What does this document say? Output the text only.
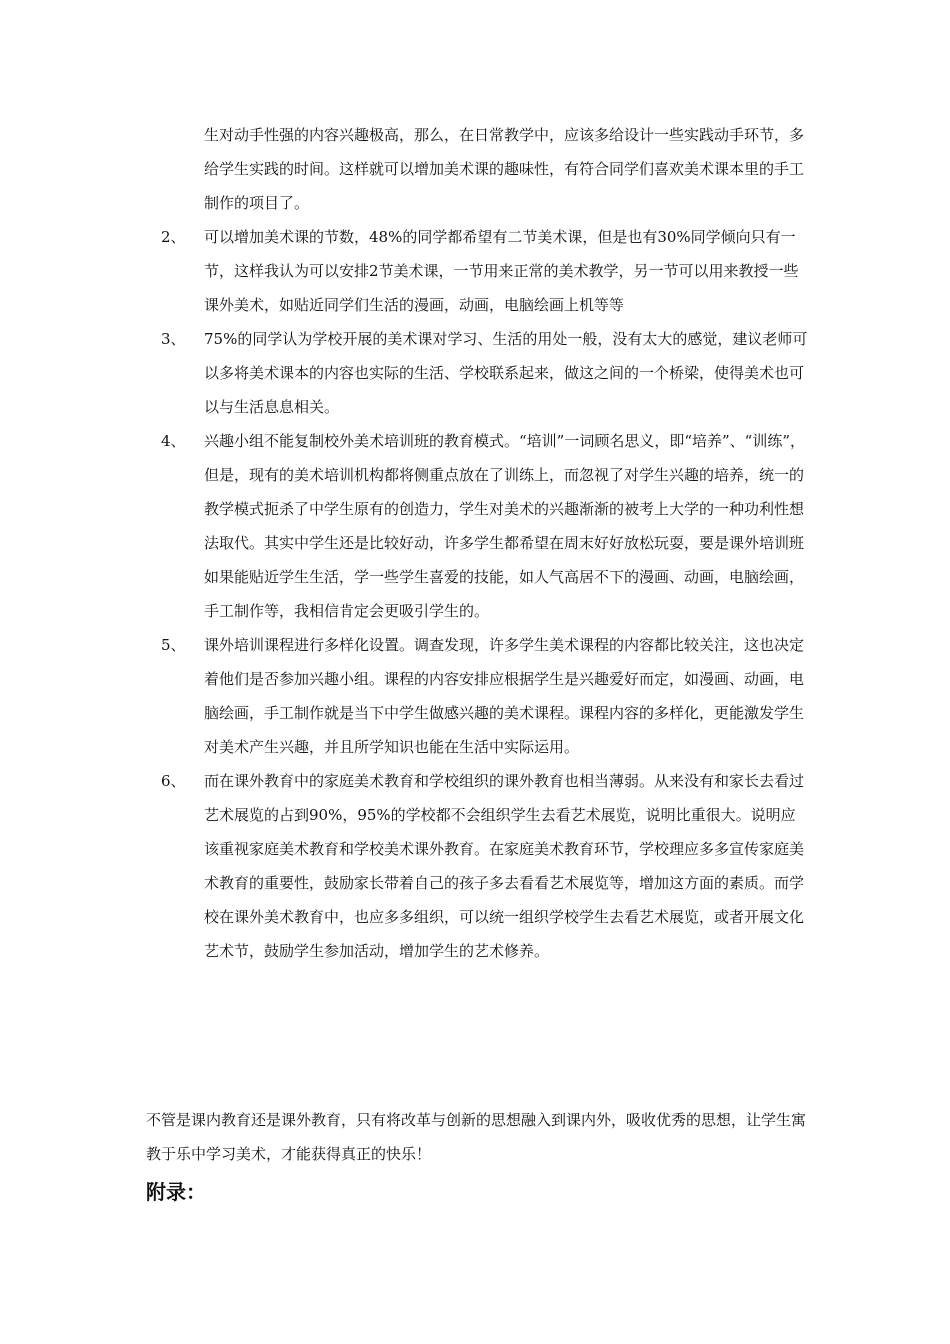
生对动手性强的内容兴趣极高，那么，在日常教学中，应该多给设计一些实践动手环节，多给学生实践的时间。这样就可以增加美术课的趣味性，有符合同学们喜欢美术课本里的手工制作的项目了。

2、 可以增加美术课的节数，48%的同学都希望有二节美术课，但是也有30%同学倾向只有一节，这样我认为可以安排2节美术课，一节用来正常的美术教学，另一节可以用来教授一些课外美术，如贴近同学们生活的漫画，动画，电脑绘画上机等等

3、 75%的同学认为学校开展的美术课对学习、生活的用处一般，没有太大的感觉，建议老师可以多将美术课本的内容也实际的生活、学校联系起来，做这之间的一个桥梁，使得美术也可以与生活息息相关。

4、 兴趣小组不能复制校外美术培训班的教育模式。“培训”一词顾名思义，即“培养”、“训练”，但是，现有的美术培训机构都将侧重点放在了训练上，而忽视了对学生兴趣的培养，统一的教学模式扼杀了中学生原有的创造力，学生对美术的兴趣渐渐的被考上大学的一种功利性想法取代。其实中学生还是比较好动，许多学生都希望在周末好好放松玩耍，要是课外培训班如果能贴近学生生活，学一些学生喜爱的技能，如人气高居不下的漫画、动画，电脑绘画，手工制作等，我相信肯定会更吸引学生的。

5、 课外培训课程进行多样化设置。调查发现，许多学生美术课程的内容都比较关注，这也决定着他们是否参加兴趣小组。课程的内容安排应根据学生是兴趣爱好而定，如漫画、动画，电脑绘画，手工制作就是当下中学生做感兴趣的美术课程。课程内容的多样化，更能激发学生对美术产生兴趣，并且所学知识也能在生活中实际运用。

6、 而在课外教育中的家庭美术教育和学校组织的课外教育也相当薄弱。从来没有和家长去看过艺术展览的占到90%，95%的学校都不会组织学生去看艺术展览，说明比重很大。说明应该重视家庭美术教育和学校美术课外教育。在家庭美术教育环节，学校理应多多宣传家庭美术教育的重要性，鼓励家长带着自己的孩子多去看看艺术展览等，增加这方面的素质。而学校在课外美术教育中，也应多多组织，可以统一组织学校学生去看艺术展览，或者开展文化艺术节，鼓励学生参加活动，增加学生的艺术修养。

不管是课内教育还是课外教育，只有将改革与创新的思想融入到课内外，吸收优秀的思想，让学生寓教于乐中学习美术，才能获得真正的快乐！

附录：
